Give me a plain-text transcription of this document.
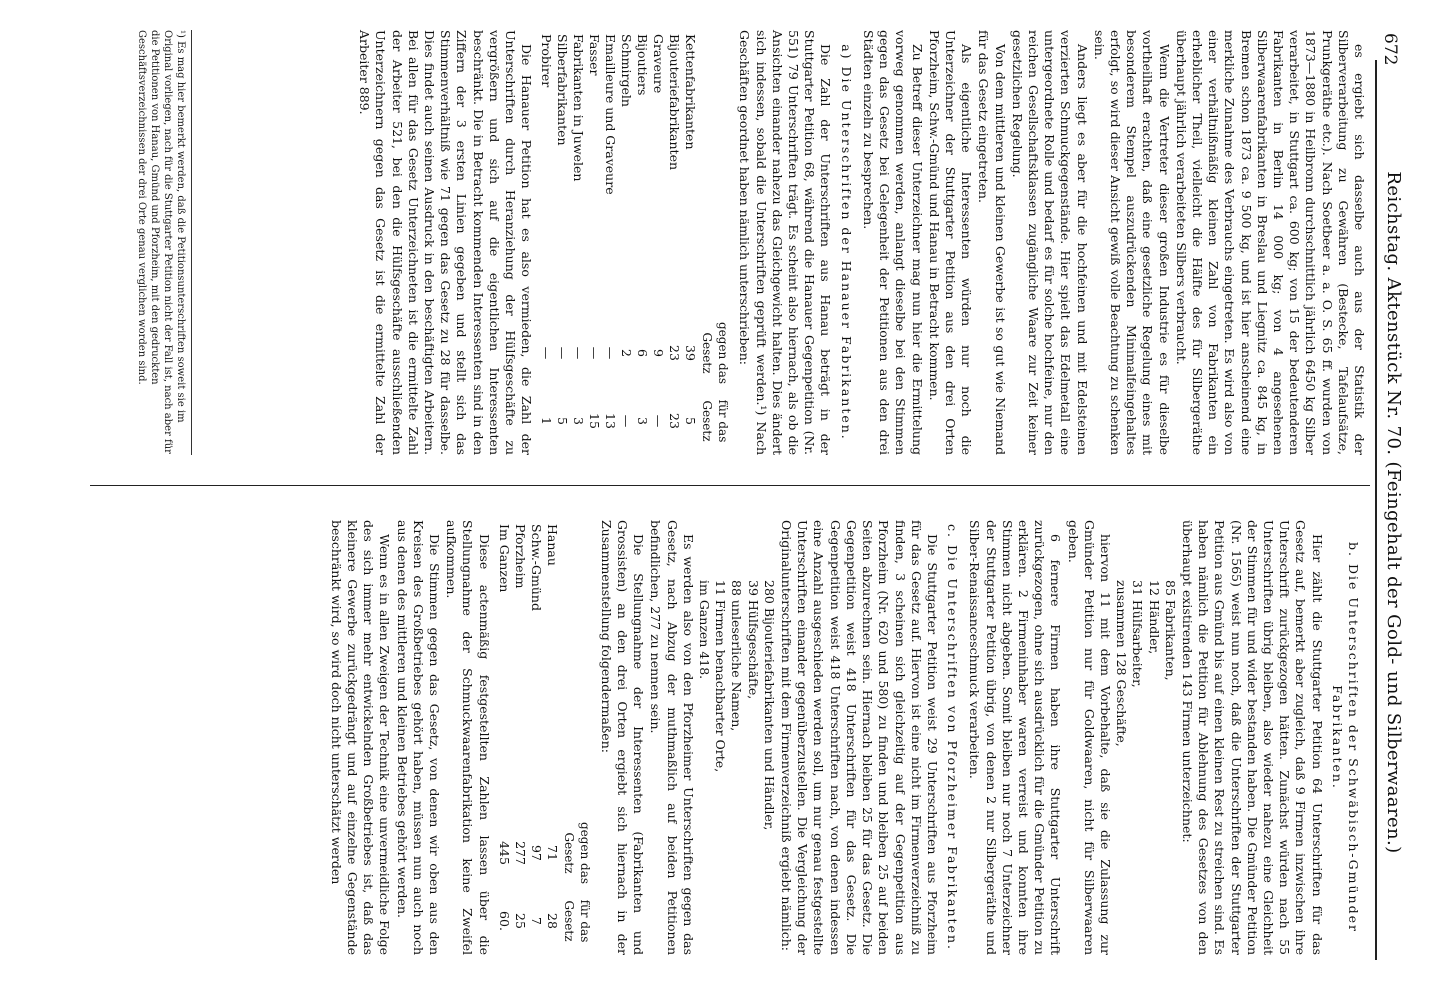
672
Reichstag. Aktenstück Nr. 70. (Feingehalt der Gold- und Silberwaaren.)

es ergiebt sich dasselbe auch aus der Statistik der Silberverarbeitung zu Gewähren (Bestecke, Tafelaufsätze, Prunkgeräthe etc.). Nach Soetbeer a. a. O. S. 65 ff. wurden von 1873—1880 in Heilbronn durchschnittlich jährlich 6450 kg Silber verarbeitet, in Stuttgart ca. 600 kg; von 15 der bedeutenderen Fabrikanten in Berlin 14 000 kg; von 4 angesehenen Silberwaarenfabrikanten in Breslau und Liegnitz ca. 845 kg, in Bremen schon 1873 ca. 9 500 kg, und ist hier anscheinend eine merkliche Zunahme des Verbrauchs eingetreten. Es wird also von einer verhältnißmäßig kleinen Zahl von Fabrikanten ein erheblicher Theil, vielleicht die Hälfte des für Silbergeräthe überhaupt jährlich verarbeiteten Silbers verbraucht.

Wenn die Vertreter dieser großen Industrie es für dieselbe vortheilhaft erachten, daß eine gesetzliche Regelung eines mit besonderem Stempel auszudrückenden Minimalfeingehaltes erfolgt, so wird dieser Ansicht gewiß volle Beachtung zu schenken sein.

Anders liegt es aber für die hochfeinen und mit Edelsteinen verzierten Schmuckgegenstände. Hier spielt das Edelmetall eine untergeordnete Rolle und bedarf es für solche hochfeine, nur den reichen Gesellschaftsklassen zugängliche Waare zur Zeit keiner gesetzlichen Regelung.

Von dem mittleren und kleinen Gewerbe ist so gut wie Niemand für das Gesetz eingetreten.

Als eigentliche Interessenten würden nur noch die Unterzeichner der Stuttgarter Petition aus den drei Orten Pforzheim, Schw.-Gmünd und Hanau in Betracht kommen.

Zu Betreff dieser Unterzeichner mag nun hier die Ermittelung vorweg genommen werden, anlangt dieselbe bei den Stimmen gegen das Gesetz bei Gelegenheit der Petitionen aus den drei Städten einzeln zu besprechen.

a) Die Unterschriften der Hanauer Fabrikanten.

Die Zahl der Unterschriften aus Hanau beträgt in der Stuttgarter Petition 68, während die Hanauer Gegenpetition (Nr. 551) 79 Unterschriften trägt. Es scheint also hiernach, als ob die Ansichten einander nahezu das Gleichgewicht halten. Dies ändert sich indessen, sobald die Unterschriften geprüft werden.¹) Nach Geschäften geordnet haben nämlich unterschrieben:

	gegen das Gesetz	für das Gesetz
Kettenfabrikanten	39	5
Bijouteriefabrikanten	23	23
Graveure	9	—
Bijoutiers	6	3
Schmirgeln	2	—
Emailleure und Graveure	—	13
Fasser	—	15
Fabrikanten in Juwelen	—	3
Silberfabrikanten	—	5
Probirer	—	1

Die Hanauer Petition hat es also vermieden, die Zahl der Unterschriften durch Heranziehung der Hülfsgeschäfte zu vergrößern und sich auf die eigentlichen Interessenten beschränkt. Die in Betracht kommenden Interessenten sind in den Ziffern der 3 ersten Linien gegeben und stellt sich das Stimmenverhältniß wie 71 gegen das Gesetz zu 28 für dasselbe. Dies findet auch seinen Ausdruck in den beschäftigten Arbeitern. Bei allen für das Gesetz Unterzeichneten ist die ermittelte Zahl der Arbeiter 521, bei den die Hülfsgeschäfte ausschließenden Unterzeichnern gegen das Gesetz ist die ermittelte Zahl der Arbeiter 889.

¹) Es mag hier bemerkt werden, daß die Petitionsunterschriften soweit sie im Original vorliegen, nach für die Stuttgarter Petition nicht der Fall ist, nach aber für die Petitionen von Hanau, Gmünd und Pforzheim, mit den gedruckten Geschäftsverzeichnissen der drei Orte genau verglichen worden sind.
b. Die Unterschriften der Schwäbisch-Gmünder Fabrikanten.

Hier zählt die Stuttgarter Petition 64 Unterschriften für das Gesetz auf, bemerkt aber zugleich, daß 9 Firmen inzwischen ihre Unterschrift zurückgezogen hätten. Zunächst würden nach 55 Unterschriften übrig bleiben, also wieder nahezu eine Gleichheit der Stimmen für und wider bestanden haben. Die Gmünder Petition (Nr. 1565) weist nun noch, daß die Unterschriften der Stuttgarter Petition aus Gmünd bis auf einen kleinen Rest zu streichen sind. Es haben nämlich die Petition für Ablehnung des Gesetzes von den überhaupt existirenden 143 Firmen unterzeichnet:

85 Fabrikanten,
12 Händler,
31 Hülfsarbeiter,
zusammen 128 Geschäfte,

hiervon 11 mit dem Vorbehalte, daß sie die Zulassung zur Gmünder Petition nur für Goldwaaren, nicht für Silberwaaren geben.

6 fernere Firmen haben ihre Stuttgarter Unterschrift zurückgezogen, ohne sich ausdrücklich für die Gmünder Petition zu erklären. 2 Firmeninhaber waren verreist und konnten ihre Stimmen nicht abgeben. Somit bleiben nur noch 7 Unterzeichner der Stuttgarter Petition übrig, von denen 2 nur Silbergeräthe und Silber-Renaissanceschmuck verarbeiten.

c. Die Unterschriften von Pforzheimer Fabrikanten.

Die Stuttgarter Petition weist 29 Unterschriften aus Pforzheim für das Gesetz auf. Hiervon ist eine nicht im Firmenverzeichniß zu finden, 3 scheinen sich gleichzeitig auf der Gegenpetition aus Pforzheim (Nr. 620 und 580) zu finden und bleiben 25 auf beiden Seiten abzurechnen sein. Hiernach bleiben 25 für das Gesetz. Die Gegenpetition weist 418 Unterschriften für das Gesetz. Die Gegenpetition weist 418 Unterschriften nach, von denen indessen eine Anzahl ausgeschieden werden soll, um nur genau festgestellte Unterschriften einander gegenüberzustellen. Die Vergleichung der Originalunterschriften mit dem Firmenverzeichniß ergiebt nämlich:

280 Bijouteriefabrikanten und Händler,
39 Hülfsgeschäfte,
88 unleserliche Namen,
11 Firmen benachbarter Orte,
im Ganzen 418.

Es werden also von den Pforzheimer Unterschriften gegen das Gesetz, nach Abzug der muthmaßlich auf beiden Petitionen befindlichen, 277 zu nennen sein.

Die Stellungnahme der Interessenten (Fabrikanten und Grossisten) an den drei Orten ergiebt sich hiernach in der Zusammenstellung folgendermaßen:

	gegen das Gesetz	für das Gesetz
Hanau	71	28
Schw.-Gmünd	97	7
Pforzheim	277	25
Im Ganzen	445	60.

Diese actenmäßig festgestellten Zahlen lassen über die Stellungnahme der Schmuckwaarenfabrikation keine Zweifel aufkommen.

Die Stimmen gegen das Gesetz, von denen wir oben aus den Kreisen des Großbetriebes gehört haben, müssen nun auch noch aus denen des mittleren und kleinen Betriebes gehört werden.

Wenn es in allen Zweigen der Technik eine unvermeidliche Folge des sich immer mehr entwickelnden Großbetriebes ist, daß das kleinere Gewerbe zurückgedrängt und auf einzelne Gegenstände beschränkt wird, so wird doch nicht unterschätzt werden
